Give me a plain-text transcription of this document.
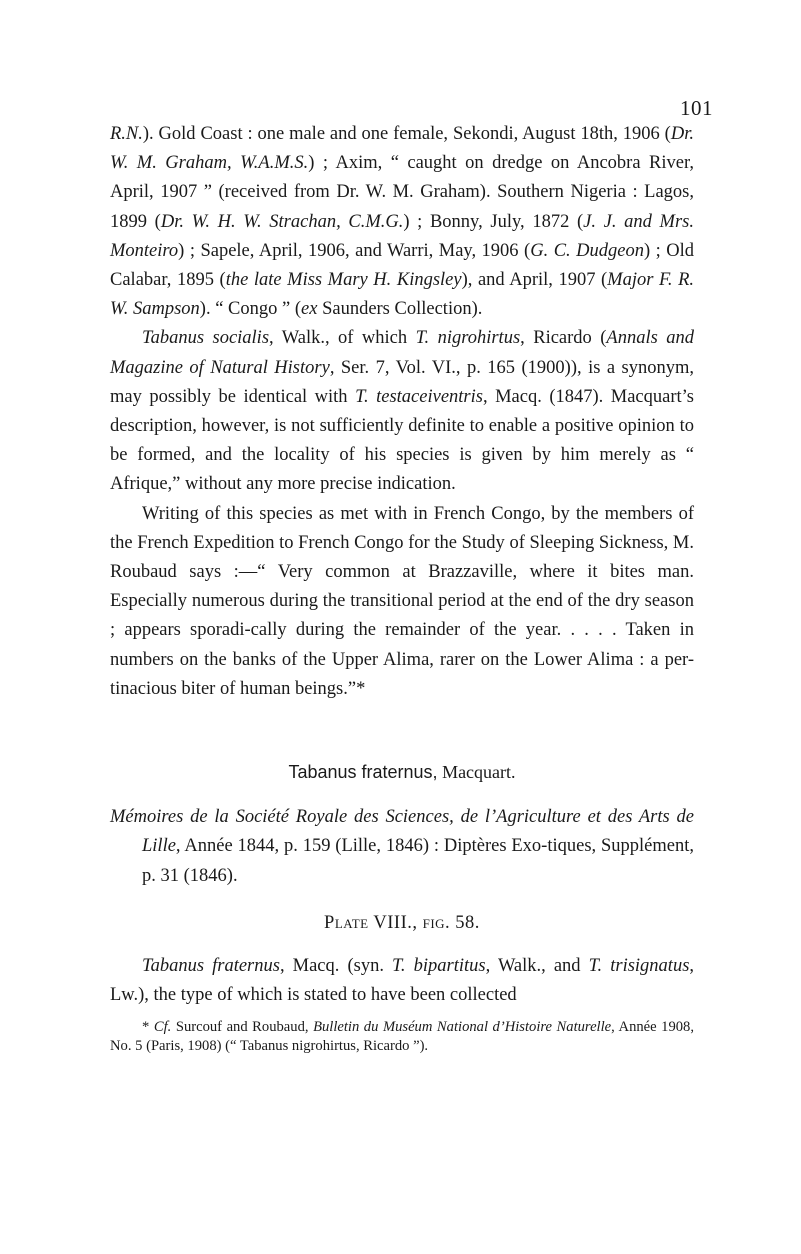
101

R.N.). Gold Coast : one male and one female, Sekondi, August 18th, 1906 (Dr. W. M. Graham, W.A.M.S.) ; Axim, “ caught on dredge on Ancobra River, April, 1907 ” (received from Dr. W. M. Graham). Southern Nigeria : Lagos, 1899 (Dr. W. H. W. Strachan, C.M.G.) ; Bonny, July, 1872 (J. J. and Mrs. Monteiro) ; Sapele, April, 1906, and Warri, May, 1906 (G. C. Dudgeon) ; Old Calabar, 1895 (the late Miss Mary H. Kingsley), and April, 1907 (Major F. R. W. Sampson). “ Congo ” (ex Saunders Collection).

Tabanus socialis, Walk., of which T. nigrohirtus, Ricardo (Annals and Magazine of Natural History, Ser. 7, Vol. VI., p. 165 (1900)), is a synonym, may possibly be identical with T. testaceiventris, Macq. (1847). Macquart’s description, however, is not sufficiently definite to enable a positive opinion to be formed, and the locality of his species is given by him merely as “ Afrique,” without any more precise indication.

Writing of this species as met with in French Congo, by the members of the French Expedition to French Congo for the Study of Sleeping Sickness, M. Roubaud says :—“ Very common at Brazzaville, where it bites man. Especially numerous during the transitional period at the end of the dry season ; appears sporadi-cally during the remainder of the year. . . . . Taken in numbers on the banks of the Upper Alima, rarer on the Lower Alima : a per-tinacious biter of human beings.”*

Tabanus fraternus, Macquart.

Mémoires de la Société Royale des Sciences, de l’Agriculture et des Arts de Lille, Année 1844, p. 159 (Lille, 1846) : Diptères Exo-tiques, Supplément, p. 31 (1846).

Plate VIII., fig. 58.

Tabanus fraternus, Macq. (syn. T. bipartitus, Walk., and T. trisignatus, Lw.), the type of which is stated to have been collected

* Cf. Surcouf and Roubaud, Bulletin du Muséum National d’Histoire Naturelle, Année 1908, No. 5 (Paris, 1908) (“ Tabanus nigrohirtus, Ricardo ”).
